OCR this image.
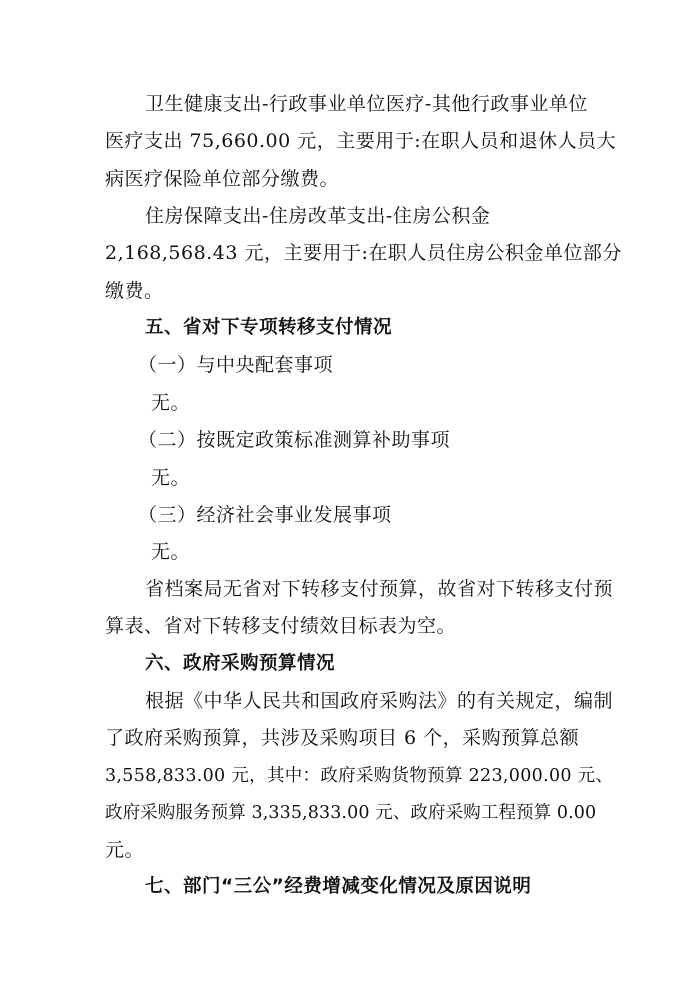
卫生健康支出-行政事业单位医疗-其他行政事业单位
医疗支出 75,660.00 元，主要用于:在职人员和退休人员大
病医疗保险单位部分缴费。
住房保障支出-住房改革支出-住房公积金
2,168,568.43 元，主要用于:在职人员住房公积金单位部分
缴费。
五、省对下专项转移支付情况
（一）与中央配套事项
无。
（二）按既定政策标准测算补助事项
无。
（三）经济社会事业发展事项
无。
省档案局无省对下转移支付预算，故省对下转移支付预
算表、省对下转移支付绩效目标表为空。
六、政府采购预算情况
根据《中华人民共和国政府采购法》的有关规定，编制
了政府采购预算，共涉及采购项目 6 个，采购预算总额
3,558,833.00 元，其中：政府采购货物预算 223,000.00 元、
政府采购服务预算 3,335,833.00 元、政府采购工程预算 0.00
元。
七、部门“三公”经费增减变化情况及原因说明
